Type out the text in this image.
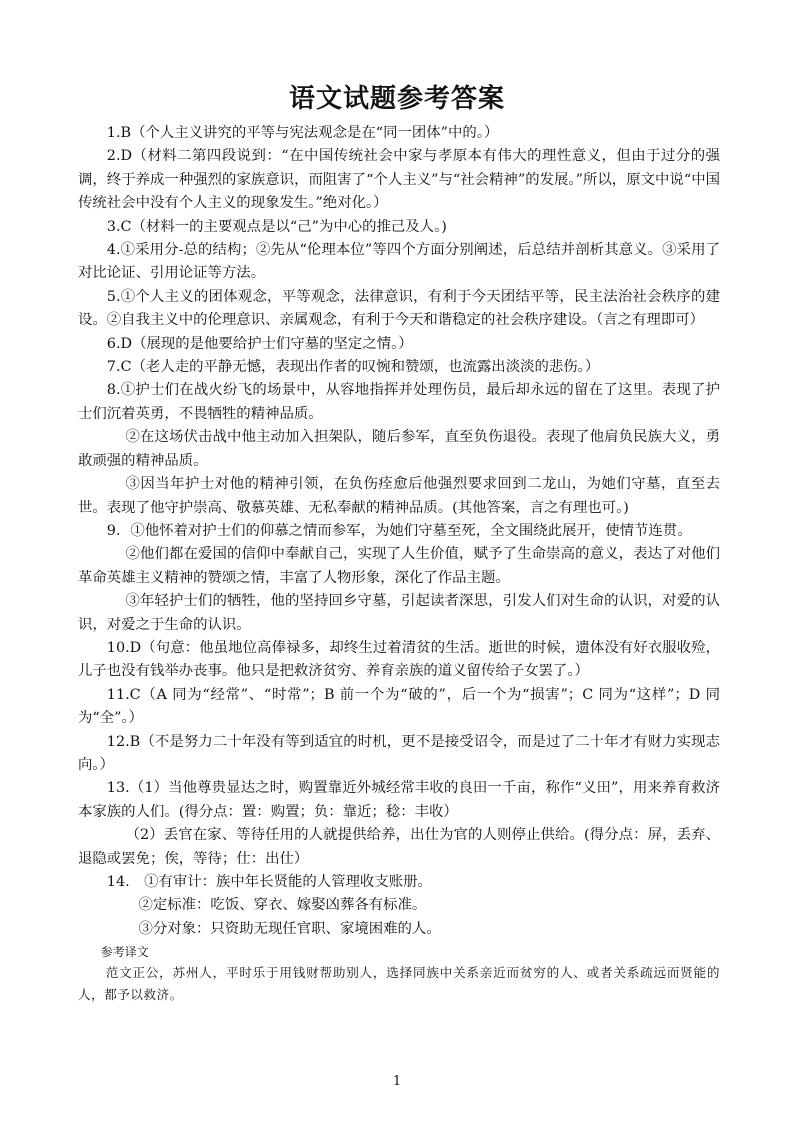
语文试题参考答案

1.B（个人主义讲究的平等与宪法观念是在“同一团体”中的。）

2.D（材料二第四段说到：“在中国传统社会中家与孝原本有伟大的理性意义，但由于过分的强调，终于养成一种强烈的家族意识，而阻害了“个人主义”与“社会精神”的发展。”所以，原文中说“中国传统社会中没有个人主义的现象发生。”绝对化。）

3.C（材料一的主要观点是以“己”为中心的推己及人。)

4.①采用分-总的结构；②先从“伦理本位”等四个方面分别阐述，后总结并剖析其意义。③采用了对比论证、引用论证等方法。

5.①个人主义的团体观念，平等观念，法律意识，有利于今天团结平等，民主法治社会秩序的建设。②自我主义中的伦理意识、亲属观念，有利于今天和谐稳定的社会秩序建设。（言之有理即可）

6.D（展现的是他要给护士们守墓的坚定之情。）

7.C（老人走的平静无憾，表现出作者的叹惋和赞颂，也流露出淡淡的悲伤。）

8.①护士们在战火纷飞的场景中，从容地指挥并处理伤员，最后却永远的留在了这里。表现了护士们沉着英勇，不畏牺牲的精神品质。

②在这场伏击战中他主动加入担架队，随后参军，直至负伤退役。表现了他肩负民族大义，勇敢顽强的精神品质。

③因当年护士对他的精神引领，在负伤痊愈后他强烈要求回到二龙山，为她们守墓，直至去世。表现了他守护崇高、敬慕英雄、无私奉献的精神品质。(其他答案，言之有理也可。)

9．①他怀着对护士们的仰慕之情而参军，为她们守墓至死，全文围绕此展开，使情节连贯。

②他们都在爱国的信仰中奉献自己，实现了人生价值，赋予了生命崇高的意义，表达了对他们革命英雄主义精神的赞颂之情，丰富了人物形象，深化了作品主题。

③年轻护士们的牺牲，他的坚持回乡守墓，引起读者深思，引发人们对生命的认识，对爱的认识，对爱之于生命的认识。

10.D（句意：他虽地位高俸禄多，却终生过着清贫的生活。逝世的时候，遗体没有好衣服收殓，儿子也没有钱举办丧事。他只是把救济贫穷、养育亲族的道义留传给子女罢了。）

11.C（A 同为“经常”、“时常”；B 前一个为“破的”，后一个为“损害”；C 同为“这样”；D 同为“全”。）

12.B（不是努力二十年没有等到适宜的时机，更不是接受诏令，而是过了二十年才有财力实现志向。）

13.（1）当他尊贵显达之时，购置靠近外城经常丰收的良田一千亩，称作“义田”，用来养育救济本家族的人们。(得分点：置：购置；负：靠近；稔：丰收）

（2）丢官在家、等待任用的人就提供给养，出仕为官的人则停止供给。(得分点：屏，丢弃、退隐或罢免；俟，等待；仕：出仕）

14.　①有审计：族中年长贤能的人管理收支账册。

②定标准：吃饭、穿衣、嫁娶凶葬各有标准。

③分对象：只资助无现任官职、家境困难的人。

参考译文

范文正公，苏州人，平时乐于用钱财帮助别人，选择同族中关系亲近而贫穷的人、或者关系疏远而贤能的人，都予以救济。

1
